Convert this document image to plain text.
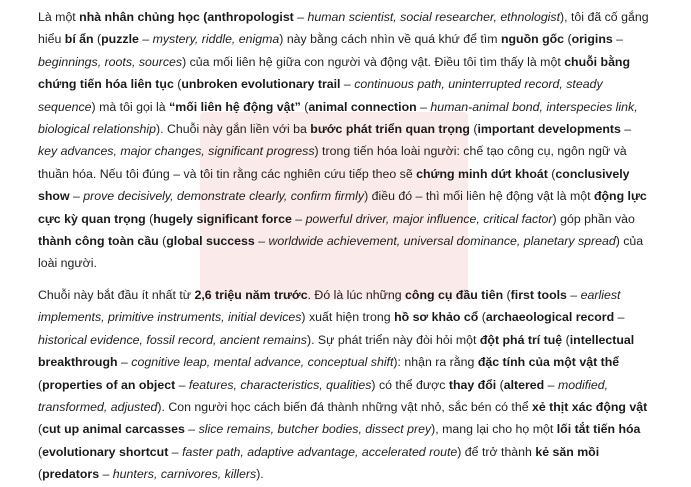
Là một nhà nhân chủng học (anthropologist – human scientist, social researcher, ethnologist), tôi đã cố gắng hiểu bí ẩn (puzzle – mystery, riddle, enigma) này bằng cách nhìn về quá khứ để tìm nguồn gốc (origins – beginnings, roots, sources) của mối liên hệ giữa con người và động vật. Điều tôi tìm thấy là một chuỗi bằng chứng tiến hóa liên tục (unbroken evolutionary trail – continuous path, uninterrupted record, steady sequence) mà tôi gọi là “mối liên hệ động vật” (animal connection – human-animal bond, interspecies link, biological relationship). Chuỗi này gắn liền với ba bước phát triển quan trọng (important developments – key advances, major changes, significant progress) trong tiến hóa loài người: chế tạo công cụ, ngôn ngữ và thuần hóa. Nếu tôi đúng – và tôi tin rằng các nghiên cứu tiếp theo sẽ chứng minh dứt khoát (conclusively show – prove decisively, demonstrate clearly, confirm firmly) điều đó – thì mối liên hệ động vật là một động lực cực kỳ quan trọng (hugely significant force – powerful driver, major influence, critical factor) góp phần vào thành công toàn cầu (global success – worldwide achievement, universal dominance, planetary spread) của loài người.

Chuỗi này bắt đầu ít nhất từ 2,6 triệu năm trước. Đó là lúc những công cụ đầu tiên (first tools – earliest implements, primitive instruments, initial devices) xuất hiện trong hồ sơ khảo cổ (archaeological record – historical evidence, fossil record, ancient remains). Sự phát triển này đòi hỏi một đột phá trí tuệ (intellectual breakthrough – cognitive leap, mental advance, conceptual shift): nhận ra rằng đặc tính của một vật thể (properties of an object – features, characteristics, qualities) có thể được thay đổi (altered – modified, transformed, adjusted). Con người học cách biến đá thành những vật nhỏ, sắc bén có thể xẻ thịt xác động vật (cut up animal carcasses – slice remains, butcher bodies, dissect prey), mang lại cho họ một lối tắt tiến hóa (evolutionary shortcut – faster path, adaptive advantage, accelerated route) để trở thành kẻ săn mồi (predators – hunters, carnivores, killers).
